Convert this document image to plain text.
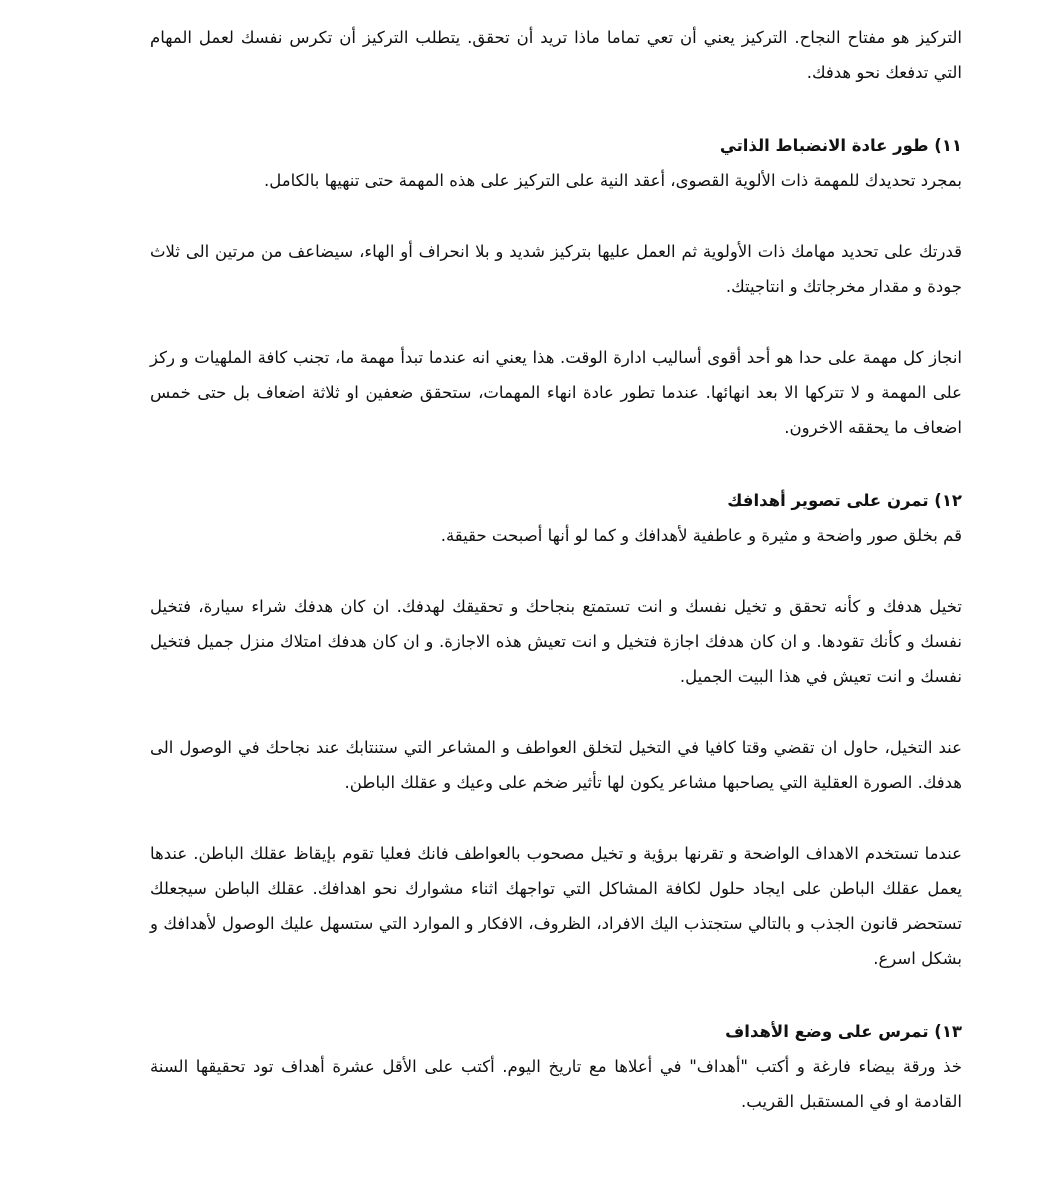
التركيز هو مفتاح النجاح. التركيز يعني أن تعي تماما ماذا تريد أن تحقق. يتطلب التركيز أن تكرس نفسك لعمل المهام التي تدفعك نحو هدفك.

١١) طور عادة الانضباط الذاتي

بمجرد تحديدك للمهمة ذات الألوية القصوى، أعقد النية على التركيز على هذه المهمة حتى تنهيها بالكامل.

قدرتك على تحديد مهامك ذات الأولوية ثم العمل عليها بتركيز شديد و بلا انحراف أو الهاء، سيضاعف من مرتين الى ثلاث جودة و مقدار مخرجاتك و انتاجيتك.

انجاز كل مهمة على حدا هو أحد أقوى أساليب ادارة الوقت. هذا يعني انه عندما تبدأ مهمة ما، تجنب كافة الملهيات و ركز على المهمة و لا تتركها الا بعد انهائها. عندما تطور عادة انهاء المهمات، ستحقق ضعفين او ثلاثة اضعاف بل حتى خمس اضعاف ما يحققه الاخرون.

١٢) تمرن على تصوير أهدافك

قم بخلق صور واضحة و مثيرة و عاطفية لأهدافك و كما لو أنها أصبحت حقيقة.

تخيل هدفك و كأنه تحقق و تخيل نفسك و انت تستمتع بنجاحك و تحقيقك لهدفك. ان كان هدفك شراء سيارة، فتخيل نفسك و كأنك تقودها. و ان كان هدفك اجازة فتخيل و انت تعيش هذه الاجازة. و ان كان هدفك امتلاك منزل جميل فتخيل نفسك و انت تعيش في هذا البيت الجميل.

عند التخيل، حاول ان تقضي وقتا كافيا في التخيل لتخلق العواطف و المشاعر التي ستنتابك عند نجاحك في الوصول الى هدفك. الصورة العقلية التي يصاحبها مشاعر يكون لها تأثير ضخم على وعيك و عقلك الباطن.

عندما تستخدم الاهداف الواضحة و تقرنها برؤية و تخيل مصحوب بالعواطف فانك فعليا تقوم بإيقاظ عقلك الباطن. عندها يعمل عقلك الباطن على ايجاد حلول لكافة المشاكل التي تواجهك اثناء مشوارك نحو اهدافك. عقلك الباطن سيجعلك تستحضر قانون الجذب و بالتالي ستجتذب اليك الافراد، الظروف، الافكار و الموارد التي ستسهل عليك الوصول لأهدافك و بشكل اسرع.

١٣) تمرس على وضع الأهداف

خذ ورقة بيضاء فارغة و أكتب "أهداف" في أعلاها مع تاريخ اليوم. أكتب على الأقل عشرة أهداف تود تحقيقها السنة القادمة او في المستقبل القريب.
